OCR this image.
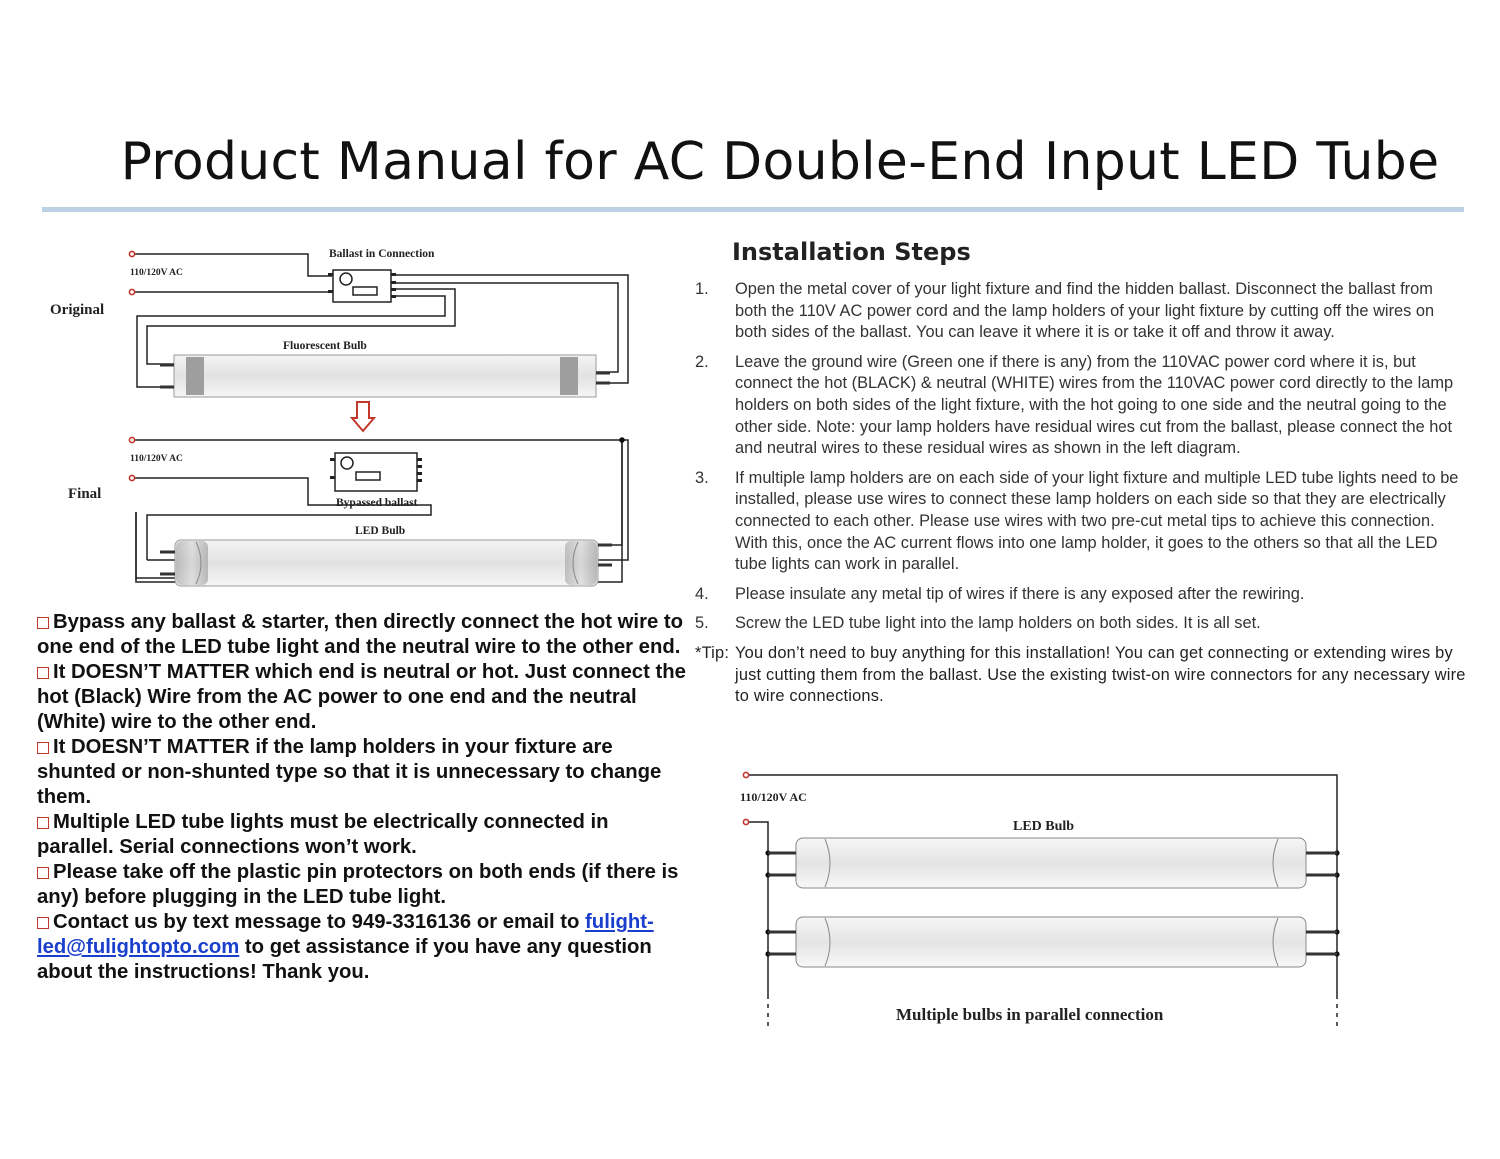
Product Manual for AC Double-End Input LED Tube
Ballast in Connection
110/120V AC
Original
Fluorescent Bulb
110/120V AC
Final
Bypassed ballast
LED Bulb
Installation Steps
1. Open the metal cover of your light fixture and find the hidden ballast. Disconnect the ballast from both the 110V AC power cord and the lamp holders of your light fixture by cutting off the wires on both sides of the ballast. You can leave it where it is or take it off and throw it away.
2. Leave the ground wire (Green one if there is any) from the 110VAC power cord where it is, but connect the hot (BLACK) & neutral (WHITE) wires from the 110VAC power cord directly to the lamp holders on both sides of the light fixture, with the hot going to one side and the neutral going to the other side. Note: your lamp holders have residual wires cut from the ballast, please connect the hot and neutral wires to these residual wires as shown in the left diagram.
3. If multiple lamp holders are on each side of your light fixture and multiple LED tube lights need to be installed, please use wires to connect these lamp holders on each side so that they are electrically connected to each other. Please use wires with two pre-cut metal tips to achieve this connection. With this, once the AC current flows into one lamp holder, it goes to the others so that all the LED tube lights can work in parallel.
4. Please insulate any metal tip of wires if there is any exposed after the rewiring.
5. Screw the LED tube light into the lamp holders on both sides. It is all set.
*Tip: You don’t need to buy anything for this installation! You can get connecting or extending wires by just cutting them from the ballast. Use the existing twist-on wire connectors for any necessary wire to wire connections.

Bypass any ballast & starter, then directly connect the hot wire to one end of the LED tube light and the neutral wire to the other end.

It DOESN’T MATTER which end is neutral or hot. Just connect the hot (Black) Wire from the AC power to one end and the neutral (White) wire to the other end.

It DOESN’T MATTER if the lamp holders in your fixture are shunted or non-shunted type so that it is unnecessary to change them.

Multiple LED tube lights must be electrically connected in parallel. Serial connections won’t work.

Please take off the plastic pin protectors on both ends (if there is any) before plugging in the LED tube light.

Contact us by text message to 949-3316136 or email to fulight-led@fulightopto.com to get assistance if you have any question about the instructions! Thank you.

110/120V AC
LED Bulb
Multiple bulbs in parallel connection
